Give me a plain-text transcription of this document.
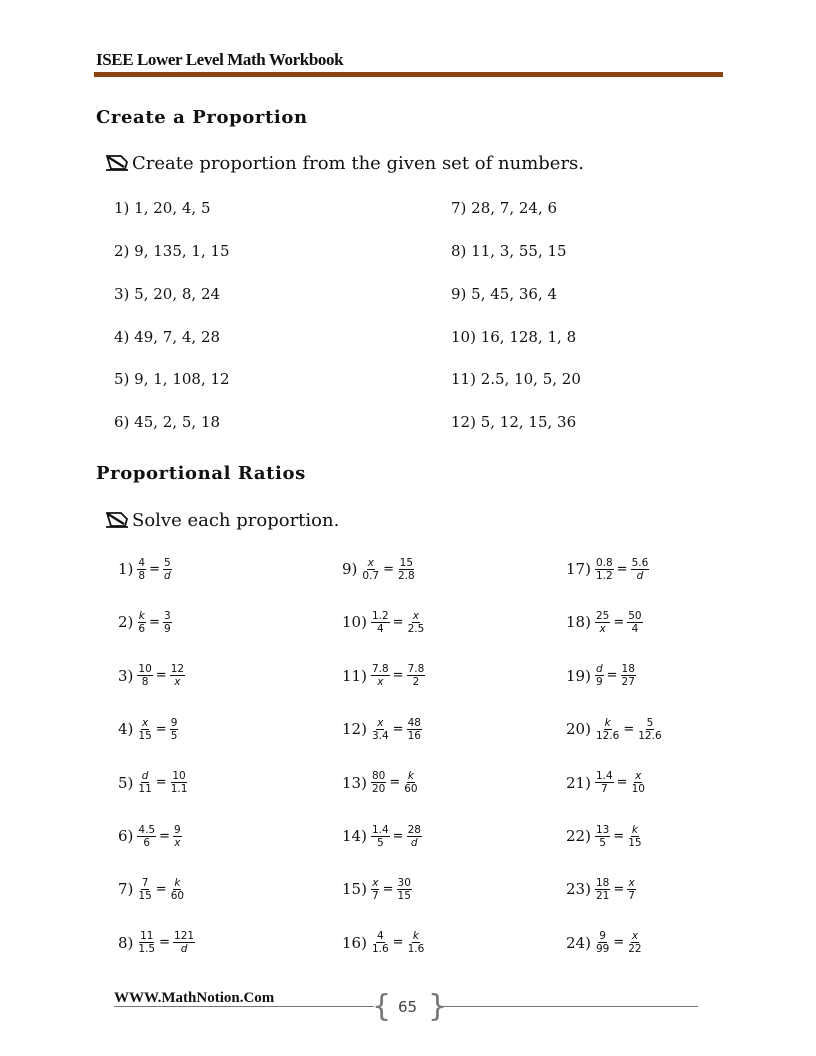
ISEE Lower Level Math Workbook
Create a Proportion
Create proportion from the given set of numbers.
1) 1, 20, 4, 5
2) 9, 135, 1, 15
3) 5, 20, 8, 24
4) 49, 7, 4, 28
5) 9, 1, 108, 12
6) 45, 2, 5, 18
7) 28, 7, 24, 6
8) 11, 3, 55, 15
9) 5, 45, 36, 4
10) 16, 128, 1, 8
11) 2.5, 10, 5, 20
12) 5, 12, 15, 36
Proportional Ratios
Solve each proportion.
$1) \frac{4}{8} = \frac{5}{d}$
$2) \frac{k}{6} = \frac{3}{9}$
$3) \frac{10}{8} = \frac{12}{x}$
$4) \frac{x}{15} = \frac{9}{5}$
$5) \frac{d}{11} = \frac{10}{1.1}$
$6) \frac{4.5}{6} = \frac{9}{x}$
$7) \frac{7}{15} = \frac{k}{60}$
$8) \frac{11}{1.5} = \frac{121}{d}$
$9) \frac{x}{0.7} = \frac{15}{2.8}$
$10) \frac{1.2}{4} = \frac{x}{2.5}$
$11) \frac{7.8}{x} = \frac{7.8}{2}$
$12) \frac{x}{3.4} = \frac{48}{16}$
$13) \frac{80}{20} = \frac{k}{60}$
$14) \frac{1.4}{5} = \frac{28}{d}$
$15) \frac{x}{7} = \frac{30}{15}$
$16) \frac{4}{1.6} = \frac{k}{1.6}$
$17) \frac{0.8}{1.2} = \frac{5.6}{d}$
$18) \frac{25}{x} = \frac{50}{4}$
$19) \frac{d}{9} = \frac{18}{27}$
$20) \frac{k}{12.6} = \frac{5}{12.6}$
$21) \frac{1.4}{7} = \frac{x}{10}$
$22) \frac{13}{5} = \frac{k}{15}$
$23) \frac{18}{21} = \frac{x}{7}$
$24) \frac{9}{99} = \frac{x}{22}$
WWW.MathNotion.Com	{ }
65
